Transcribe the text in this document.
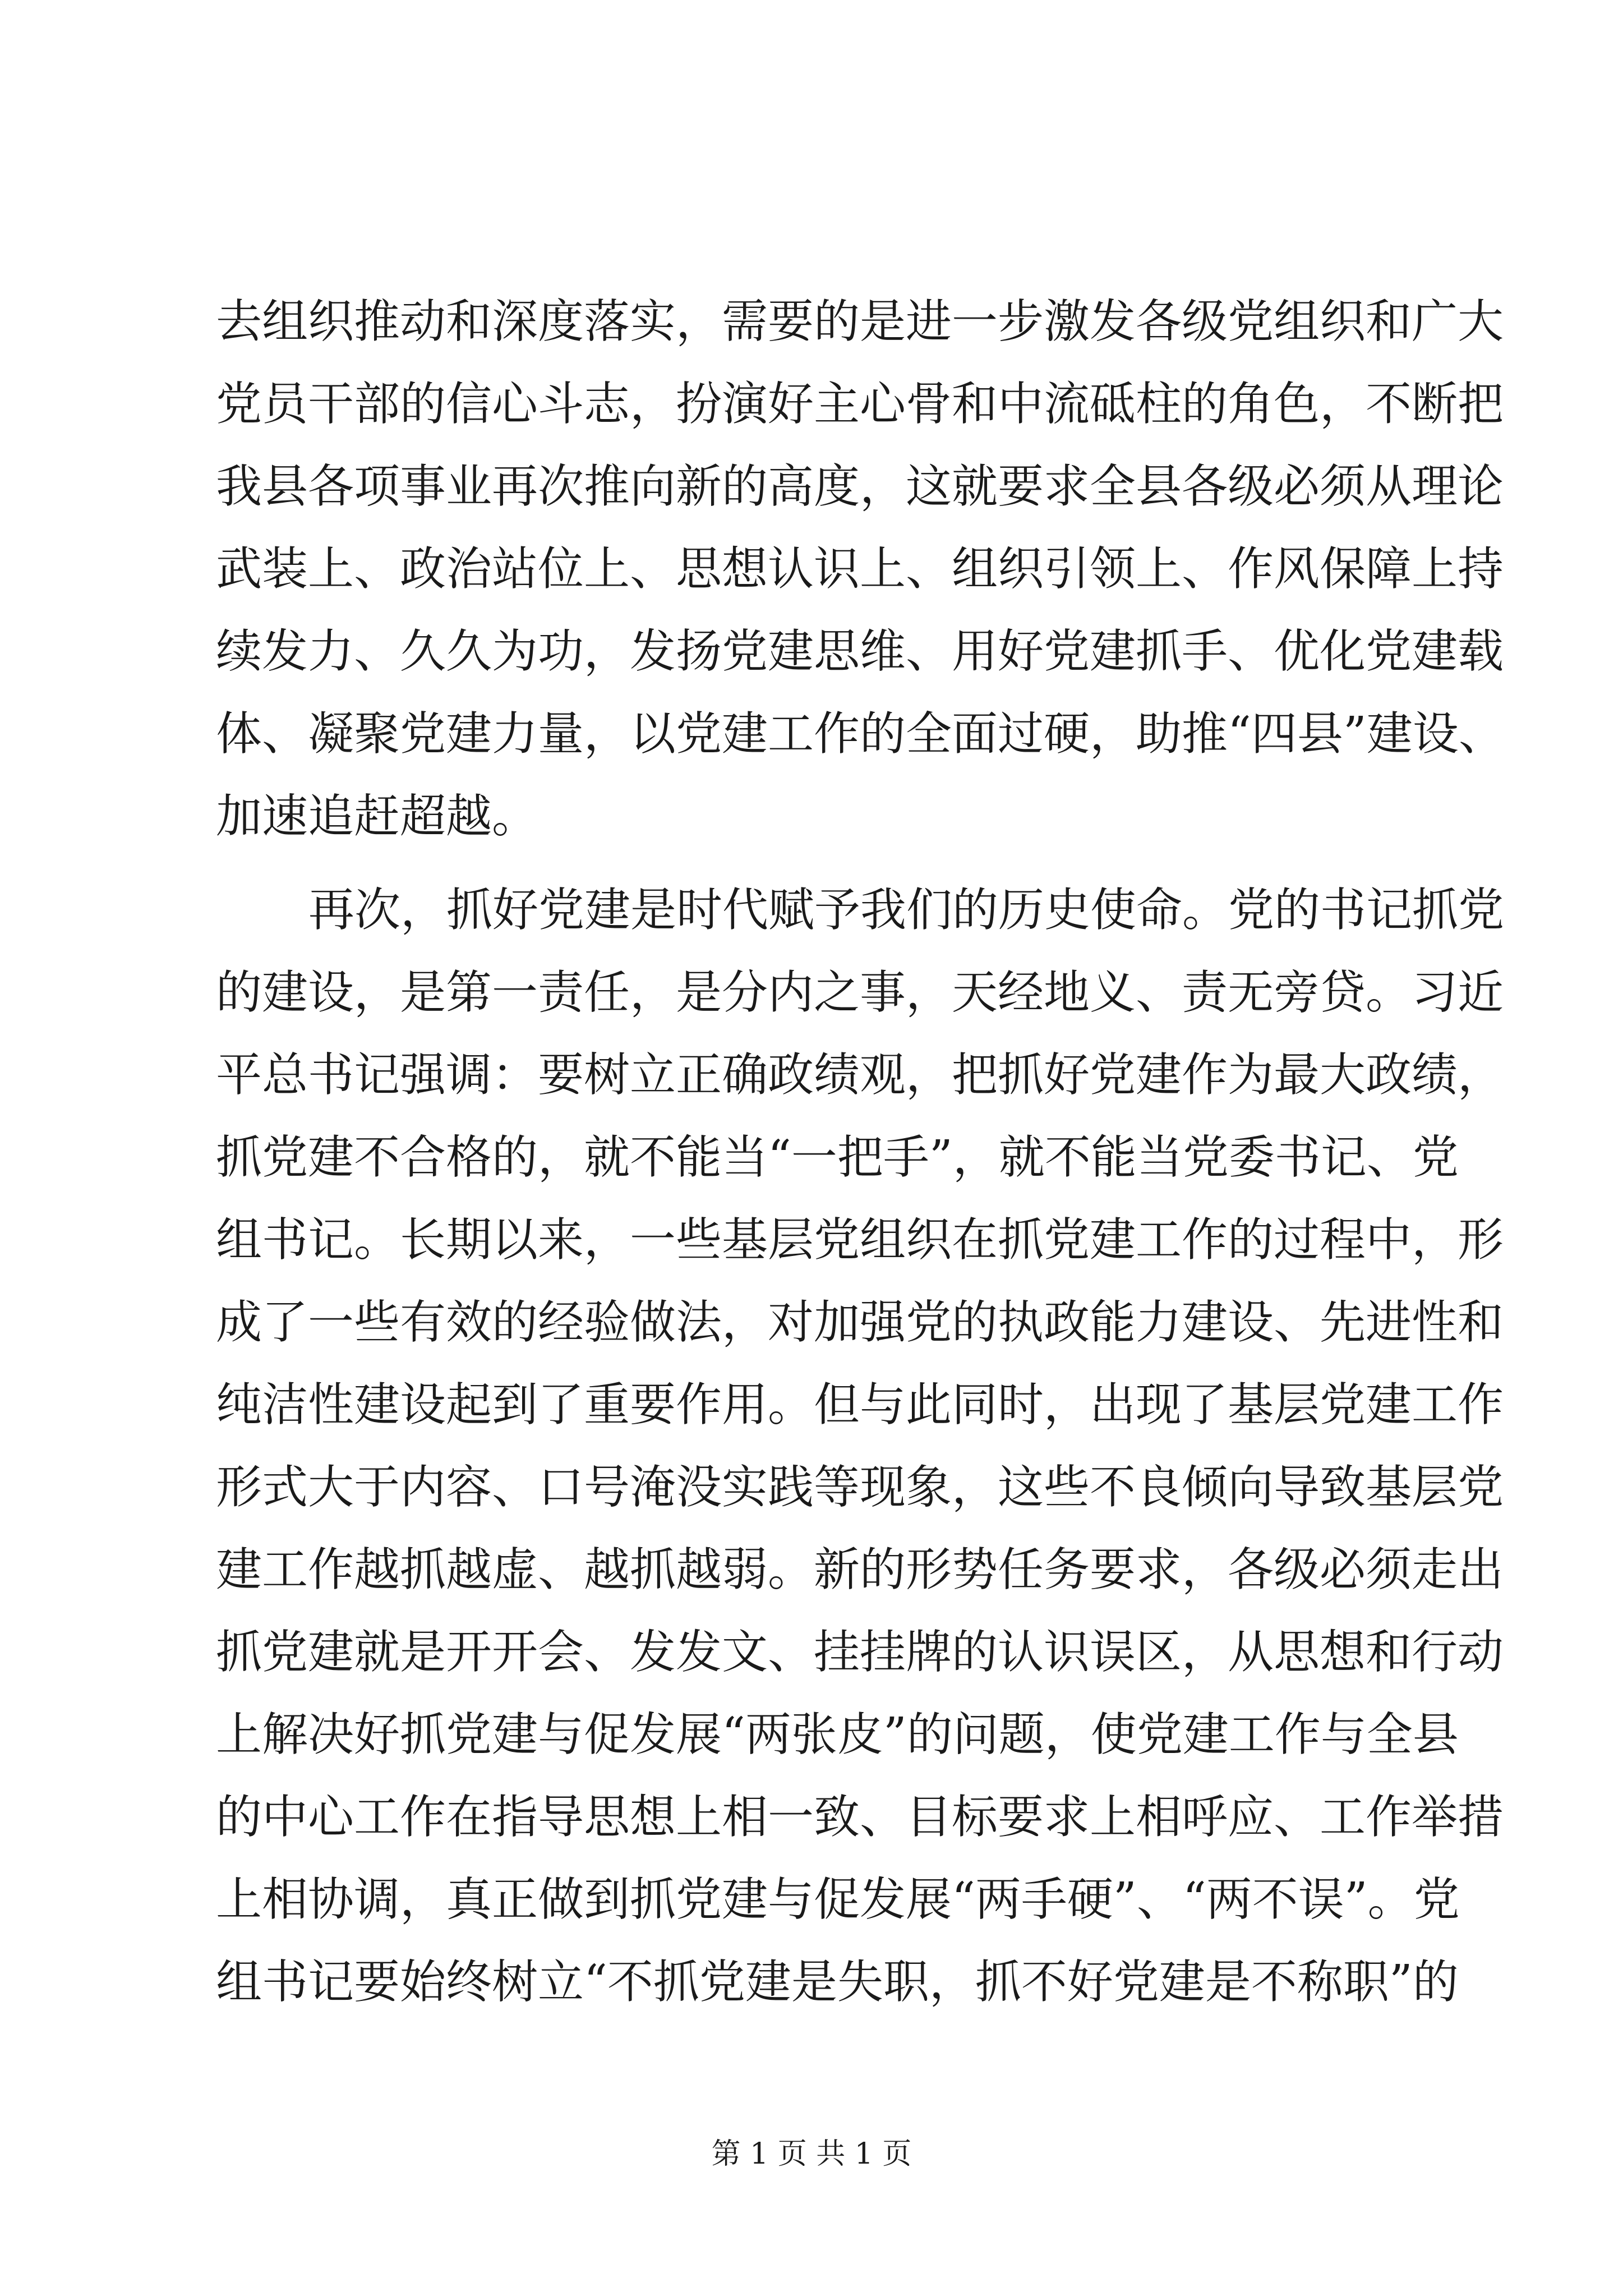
去组织推动和深度落实，需要的是进一步激发各级党组织和广大
党员干部的信心斗志，扮演好主心骨和中流砥柱的角色，不断把
我县各项事业再次推向新的高度，这就要求全县各级必须从理论
武装上、政治站位上、思想认识上、组织引领上、作风保障上持
续发力、久久为功，发扬党建思维、用好党建抓手、优化党建载
体、凝聚党建力量，以党建工作的全面过硬，助推“四县”建设、
加速追赶超越。
再次，抓好党建是时代赋予我们的历史使命。党的书记抓党
的建设，是第一责任，是分内之事，天经地义、责无旁贷。习近
平总书记强调：要树立正确政绩观，把抓好党建作为最大政绩，
抓党建不合格的，就不能当“一把手”，就不能当党委书记、党
组书记。长期以来，一些基层党组织在抓党建工作的过程中，形
成了一些有效的经验做法，对加强党的执政能力建设、先进性和
纯洁性建设起到了重要作用。但与此同时，出现了基层党建工作
形式大于内容、口号淹没实践等现象，这些不良倾向导致基层党
建工作越抓越虚、越抓越弱。新的形势任务要求，各级必须走出
抓党建就是开开会、发发文、挂挂牌的认识误区，从思想和行动
上解决好抓党建与促发展“两张皮”的问题，使党建工作与全县
的中心工作在指导思想上相一致、目标要求上相呼应、工作举措
上相协调，真正做到抓党建与促发展“两手硬”、“两不误”。党
组书记要始终树立“不抓党建是失职，抓不好党建是不称职”的
第 1 页 共 1 页
